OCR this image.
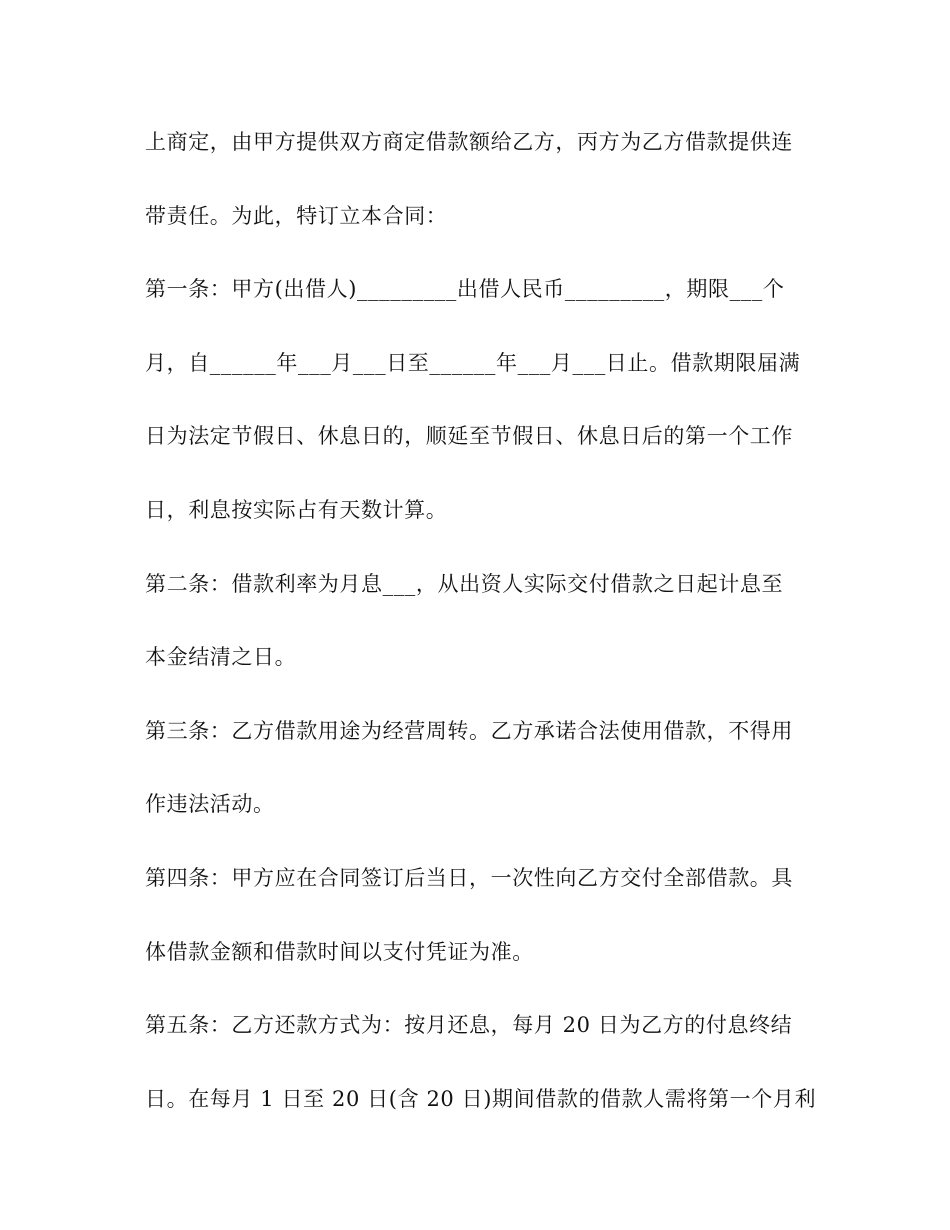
上商定，由甲方提供双方商定借款额给乙方，丙方为乙方借款提供连
带责任。为此，特订立本合同：
第一条：甲方(出借人)_________出借人民币_________，期限___个
月，自______年___月___日至______年___月___日止。借款期限届满
日为法定节假日、休息日的，顺延至节假日、休息日后的第一个工作
日，利息按实际占有天数计算。
第二条：借款利率为月息___，从出资人实际交付借款之日起计息至
本金结清之日。
第三条：乙方借款用途为经营周转。乙方承诺合法使用借款，不得用
作违法活动。
第四条：甲方应在合同签订后当日，一次性向乙方交付全部借款。具
体借款金额和借款时间以支付凭证为准。
第五条：乙方还款方式为：按月还息，每月 20 日为乙方的付息终结
日。在每月 1 日至 20 日(含 20 日)期间借款的借款人需将第一个月利
